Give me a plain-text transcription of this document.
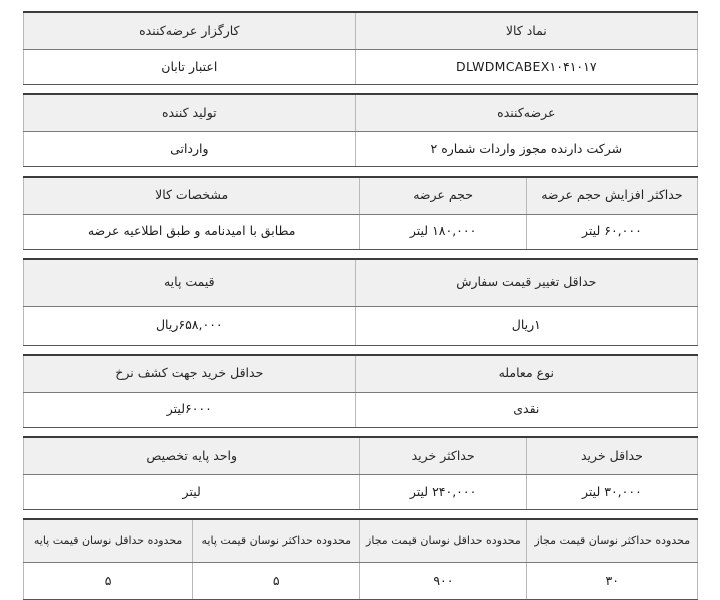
نماد کالا	کارگزار عرضه‌کننده
DLWDMCABEX۱۰۴۱۰۱۷	اعتبار تابان
عرضه‌کننده	تولید کننده
شرکت دارنده مجوز واردات شماره ۲	وارداتی
حداکثر افزایش حجم عرضه	حجم عرضه	مشخصات کالا
۶۰,۰۰۰ لیتر	۱۸۰,۰۰۰ لیتر	مطابق با امیدنامه و طبق اطلاعیه عرضه
حداقل تغییر قیمت سفارش	قیمت پایه
۱ریال	۶۵۸,۰۰۰ریال
نوع معامله	حداقل خرید جهت کشف نرخ
نقدی	۶۰۰۰لیتر
حداقل خرید	حداکثر خرید	واحد پایه تخصیص
۳۰,۰۰۰ لیتر	۲۴۰,۰۰۰ لیتر	لیتر
محدوده حداکثر نوسان قیمت مجاز	محدوده حداقل نوسان قیمت مجاز	محدوده حداکثر نوسان قیمت پایه	محدوده حداقل نوسان قیمت پایه
۳۰	۹۰۰	۵	۵
